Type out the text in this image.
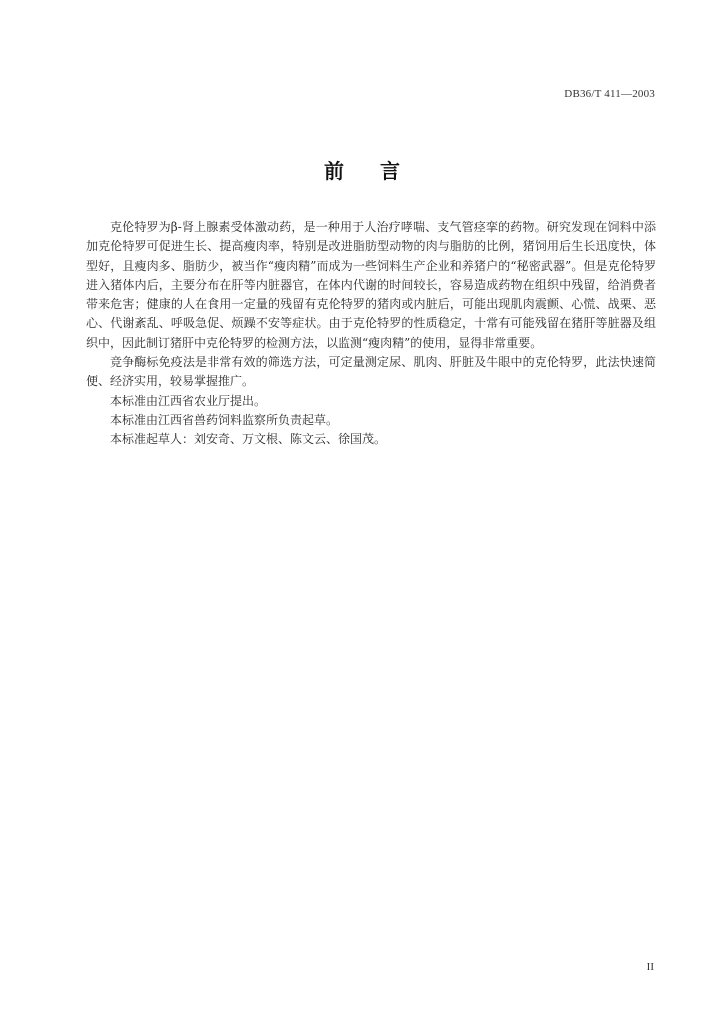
DB36/T 411—2003
前 言

克伦特罗为β-肾上腺素受体激动药，是一种用于人治疗哮喘、支气管痉挛的药物。研究发现在饲料中添加克伦特罗可促进生长、提高瘦肉率，特别是改进脂肪型动物的肉与脂肪的比例，猪饲用后生长迅度快，体型好，且瘦肉多、脂肪少，被当作“瘦肉精”而成为一些饲料生产企业和养猪户的“秘密武器”。但是克伦特罗进入猪体内后，主要分布在肝等内脏器官，在体内代谢的时间较长，容易造成药物在组织中残留，给消费者带来危害；健康的人在食用一定量的残留有克伦特罗的猪肉或内脏后，可能出现肌肉震颤、心慌、战栗、恶心、代谢紊乱、呼吸急促、烦躁不安等症状。由于克伦特罗的性质稳定，十常有可能残留在猪肝等脏器及组织中，因此制订猪肝中克伦特罗的检测方法，以监测“瘦肉精”的使用，显得非常重要。

竞争酶标免疫法是非常有效的筛选方法，可定量测定尿、肌肉、肝脏及牛眼中的克伦特罗，此法快速简便、经济实用，较易掌握推广。

本标准由江西省农业厅提出。

本标准由江西省兽药饲料监察所负责起草。

本标准起草人：刘安奇、万文根、陈文云、徐国茂。

II
